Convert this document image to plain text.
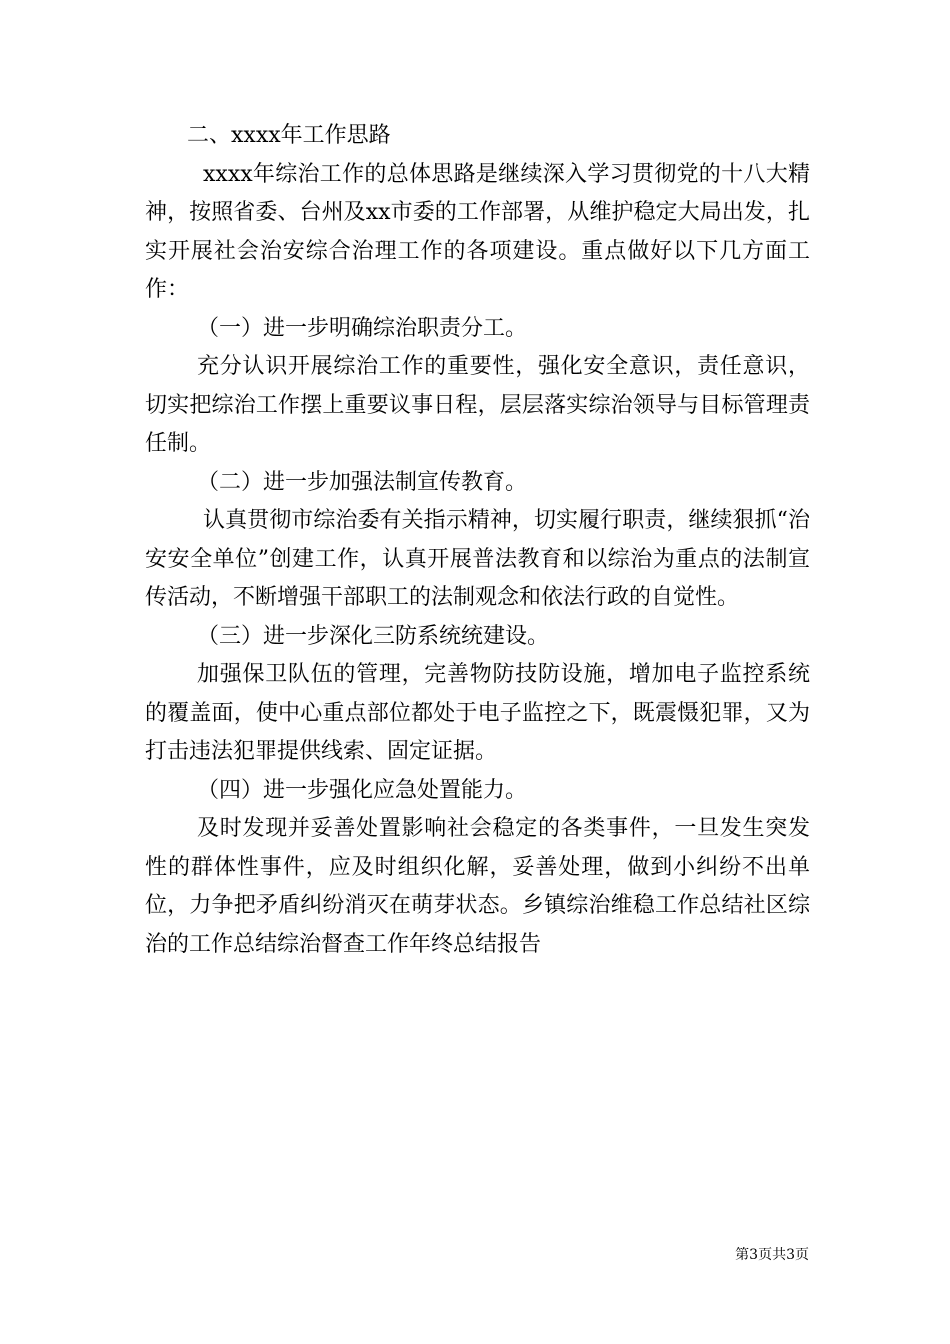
二、xxxx年工作思路

xxxx年综治工作的总体思路是继续深入学习贯彻党的十八大精神，按照省委、台州及xx市委的工作部署，从维护稳定大局出发，扎实开展社会治安综合治理工作的各项建设。重点做好以下几方面工作：

（一）进一步明确综治职责分工。

充分认识开展综治工作的重要性，强化安全意识，责任意识，切实把综治工作摆上重要议事日程，层层落实综治领导与目标管理责任制。

（二）进一步加强法制宣传教育。

认真贯彻市综治委有关指示精神，切实履行职责，继续狠抓“治安安全单位”创建工作，认真开展普法教育和以综治为重点的法制宣传活动，不断增强干部职工的法制观念和依法行政的自觉性。

（三）进一步深化三防系统统建设。

加强保卫队伍的管理，完善物防技防设施，增加电子监控系统的覆盖面，使中心重点部位都处于电子监控之下，既震慑犯罪，又为打击违法犯罪提供线索、固定证据。

（四）进一步强化应急处置能力。

及时发现并妥善处置影响社会稳定的各类事件，一旦发生突发性的群体性事件，应及时组织化解，妥善处理，做到小纠纷不出单位，力争把矛盾纠纷消灭在萌芽状态。乡镇综治维稳工作总结社区综治的工作总结综治督查工作年终总结报告

第3页共3页
